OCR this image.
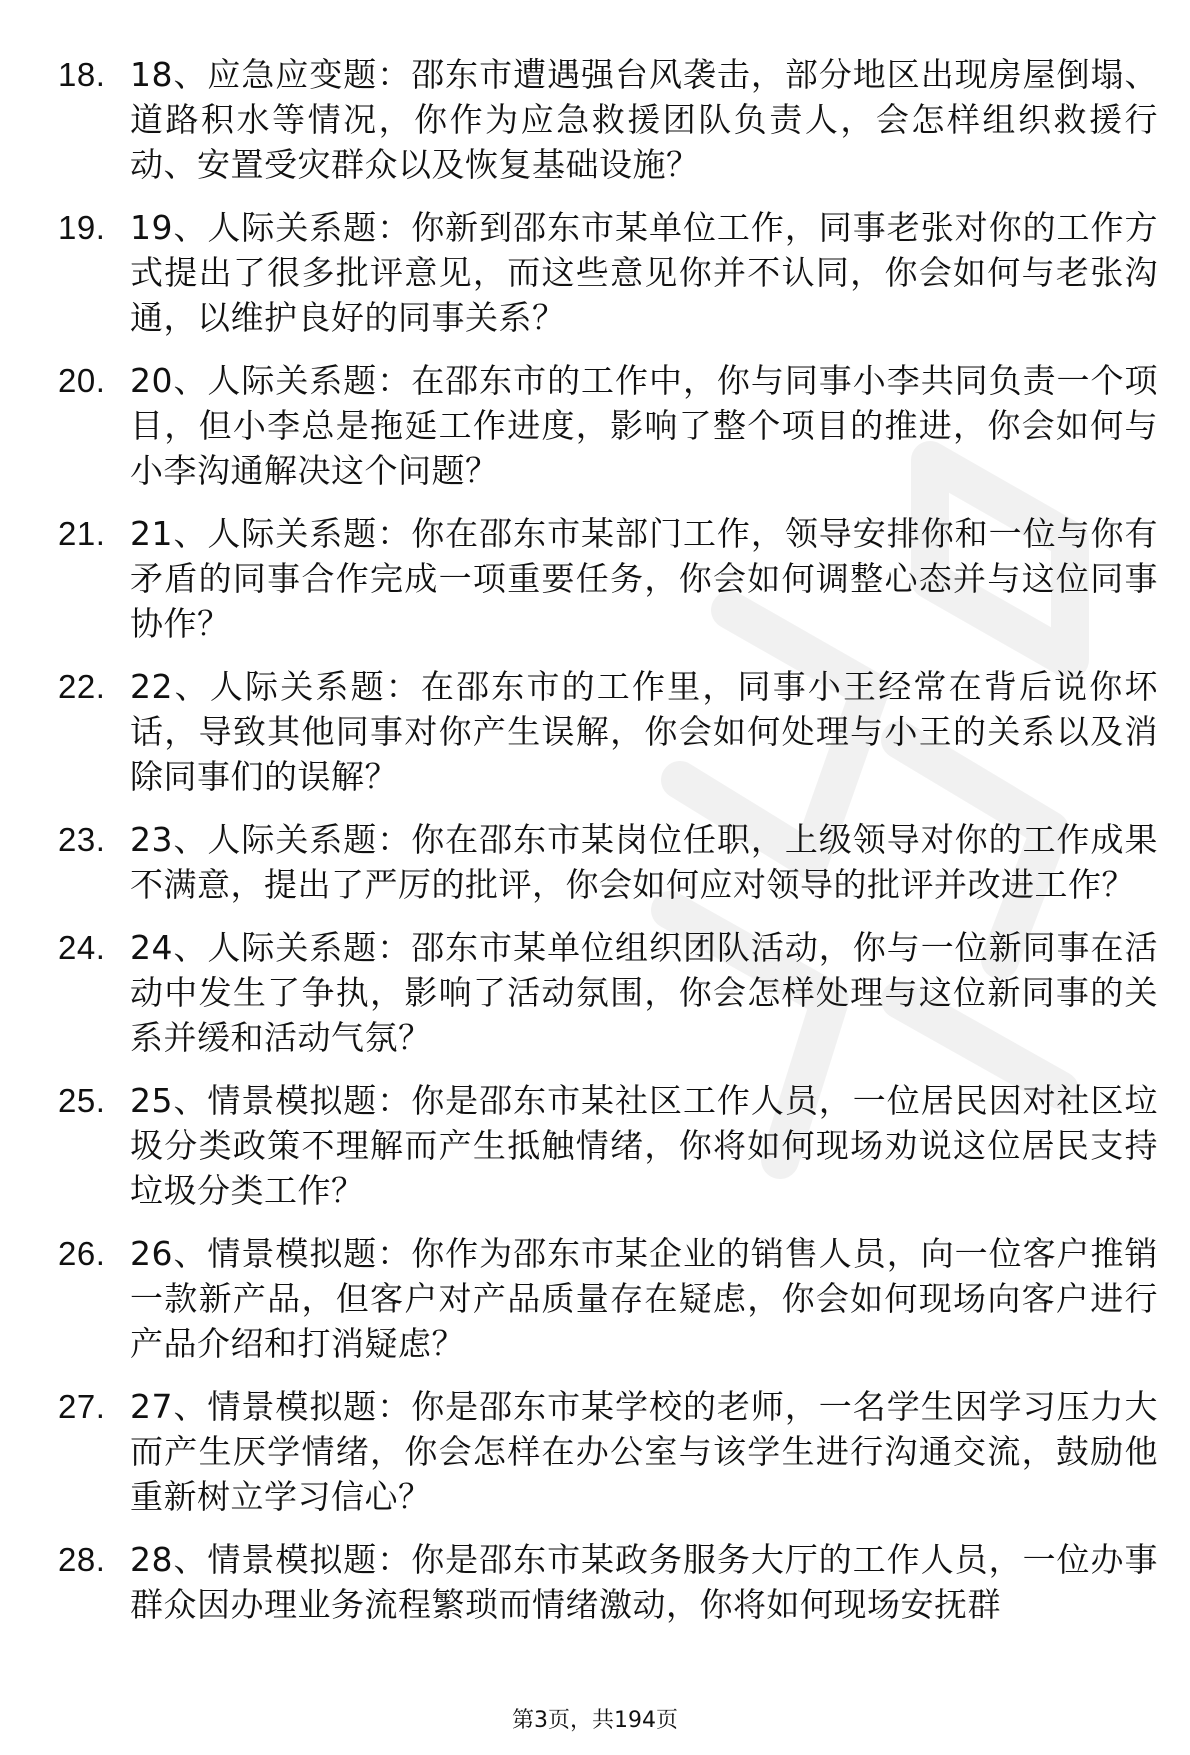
18. 18、应急应变题：邵东市遭遇强台风袭击，部分地区出现房屋倒塌、道路积水等情况，你作为应急救援团队负责人，会怎样组织救援行动、安置受灾群众以及恢复基础设施？
19. 19、人际关系题：你新到邵东市某单位工作，同事老张对你的工作方式提出了很多批评意见，而这些意见你并不认同，你会如何与老张沟通，以维护良好的同事关系？
20. 20、人际关系题：在邵东市的工作中，你与同事小李共同负责一个项目，但小李总是拖延工作进度，影响了整个项目的推进，你会如何与小李沟通解决这个问题？
21. 21、人际关系题：你在邵东市某部门工作，领导安排你和一位与你有矛盾的同事合作完成一项重要任务，你会如何调整心态并与这位同事协作？
22. 22、人际关系题：在邵东市的工作里，同事小王经常在背后说你坏话，导致其他同事对你产生误解，你会如何处理与小王的关系以及消除同事们的误解？
23. 23、人际关系题：你在邵东市某岗位任职，上级领导对你的工作成果不满意，提出了严厉的批评，你会如何应对领导的批评并改进工作？
24. 24、人际关系题：邵东市某单位组织团队活动，你与一位新同事在活动中发生了争执，影响了活动氛围，你会怎样处理与这位新同事的关系并缓和活动气氛？
25. 25、情景模拟题：你是邵东市某社区工作人员，一位居民因对社区垃圾分类政策不理解而产生抵触情绪，你将如何现场劝说这位居民支持垃圾分类工作？
26. 26、情景模拟题：你作为邵东市某企业的销售人员，向一位客户推销一款新产品，但客户对产品质量存在疑虑，你会如何现场向客户进行产品介绍和打消疑虑？
27. 27、情景模拟题：你是邵东市某学校的老师，一名学生因学习压力大而产生厌学情绪，你会怎样在办公室与该学生进行沟通交流，鼓励他重新树立学习信心？
28. 28、情景模拟题：你是邵东市某政务服务大厅的工作人员，一位办事群众因办理业务流程繁琐而情绪激动，你将如何现场安抚群
第3页，共194页
